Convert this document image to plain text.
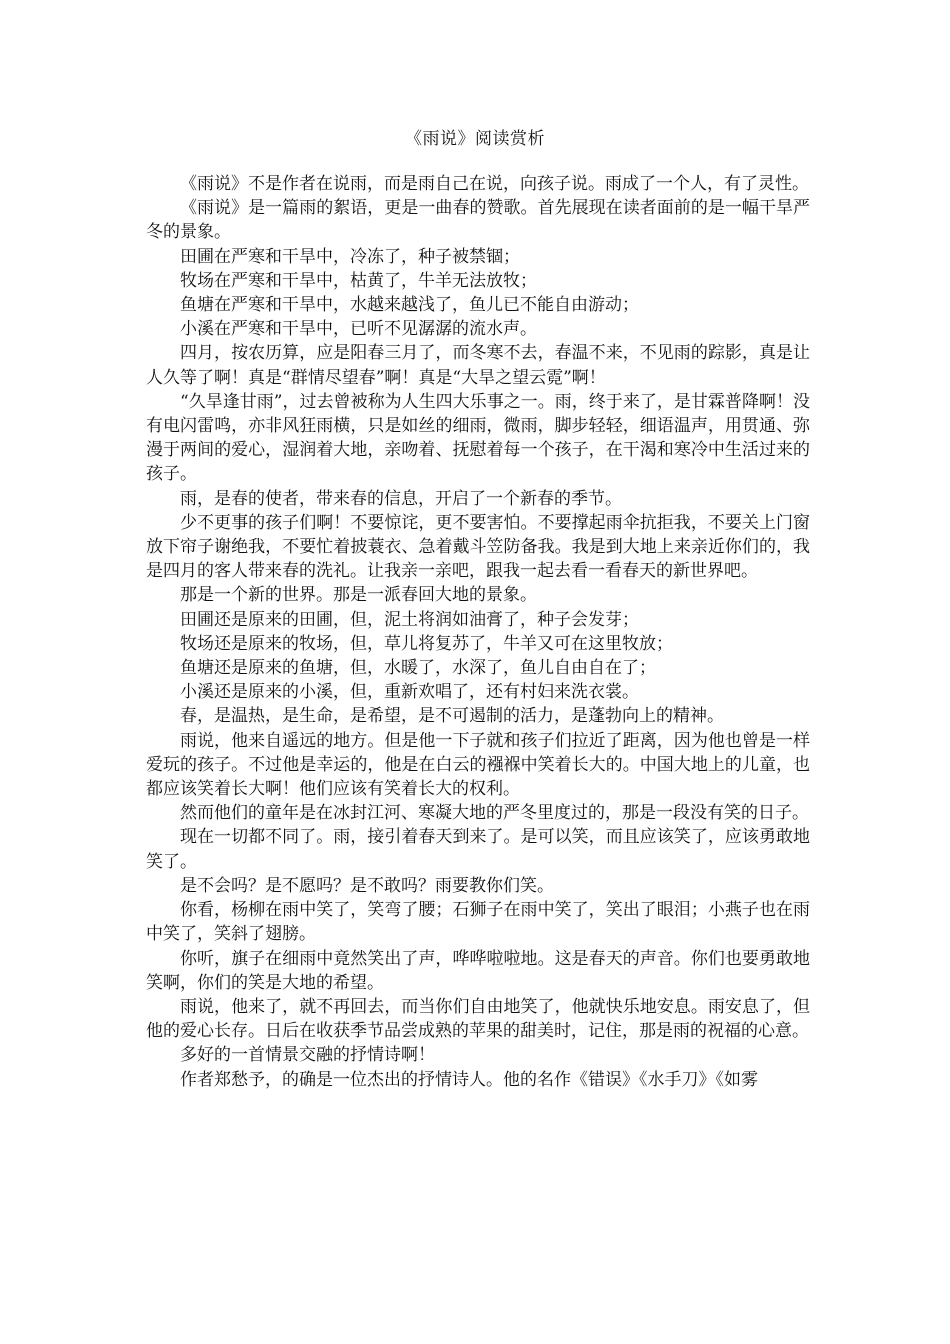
《雨说》阅读赏析

《雨说》不是作者在说雨，而是雨自己在说，向孩子说。雨成了一个人，有了灵性。

《雨说》是一篇雨的絮语，更是一曲春的赞歌。首先展现在读者面前的是一幅干旱严冬的景象。

田圃在严寒和干旱中，冷冻了，种子被禁锢；

牧场在严寒和干旱中，枯黄了，牛羊无法放牧；

鱼塘在严寒和干旱中，水越来越浅了，鱼儿已不能自由游动；

小溪在严寒和干旱中，已听不见潺潺的流水声。

四月，按农历算，应是阳春三月了，而冬寒不去，春温不来，不见雨的踪影，真是让人久等了啊！真是“群情尽望春”啊！真是“大旱之望云霓”啊！

“久旱逢甘雨”，过去曾被称为人生四大乐事之一。雨，终于来了，是甘霖普降啊！没有电闪雷鸣，亦非风狂雨横，只是如丝的细雨，微雨，脚步轻轻，细语温声，用贯通、弥漫于两间的爱心，湿润着大地，亲吻着、抚慰着每一个孩子，在干渴和寒冷中生活过来的孩子。

雨，是春的使者，带来春的信息，开启了一个新春的季节。

少不更事的孩子们啊！不要惊诧，更不要害怕。不要撑起雨伞抗拒我，不要关上门窗放下帘子谢绝我，不要忙着披蓑衣、急着戴斗笠防备我。我是到大地上来亲近你们的，我是四月的客人带来春的洗礼。让我亲一亲吧，跟我一起去看一看春天的新世界吧。

那是一个新的世界。那是一派春回大地的景象。

田圃还是原来的田圃，但，泥土将润如油膏了，种子会发芽；

牧场还是原来的牧场，但，草儿将复苏了，牛羊又可在这里牧放；

鱼塘还是原来的鱼塘，但，水暖了，水深了，鱼儿自由自在了；

小溪还是原来的小溪，但，重新欢唱了，还有村妇来洗衣裳。

春，是温热，是生命，是希望，是不可遏制的活力，是蓬勃向上的精神。

雨说，他来自遥远的地方。但是他一下子就和孩子们拉近了距离，因为他也曾是一样爱玩的孩子。不过他是幸运的，他是在白云的襁褓中笑着长大的。中国大地上的儿童，也都应该笑着长大啊！他们应该有笑着长大的权利。

然而他们的童年是在冰封江河、寒凝大地的严冬里度过的，那是一段没有笑的日子。

现在一切都不同了。雨，接引着春天到来了。是可以笑，而且应该笑了，应该勇敢地笑了。

是不会吗？是不愿吗？是不敢吗？雨要教你们笑。

你看，杨柳在雨中笑了，笑弯了腰；石狮子在雨中笑了，笑出了眼泪；小燕子也在雨中笑了，笑斜了翅膀。

你听，旗子在细雨中竟然笑出了声，哗哗啦啦地。这是春天的声音。你们也要勇敢地笑啊，你们的笑是大地的希望。

雨说，他来了，就不再回去，而当你们自由地笑了，他就快乐地安息。雨安息了，但他的爱心长存。日后在收获季节品尝成熟的苹果的甜美时，记住，那是雨的祝福的心意。

多好的一首情景交融的抒情诗啊！

作者郑愁予，的确是一位杰出的抒情诗人。他的名作《错误》《水手刀》《如雾
